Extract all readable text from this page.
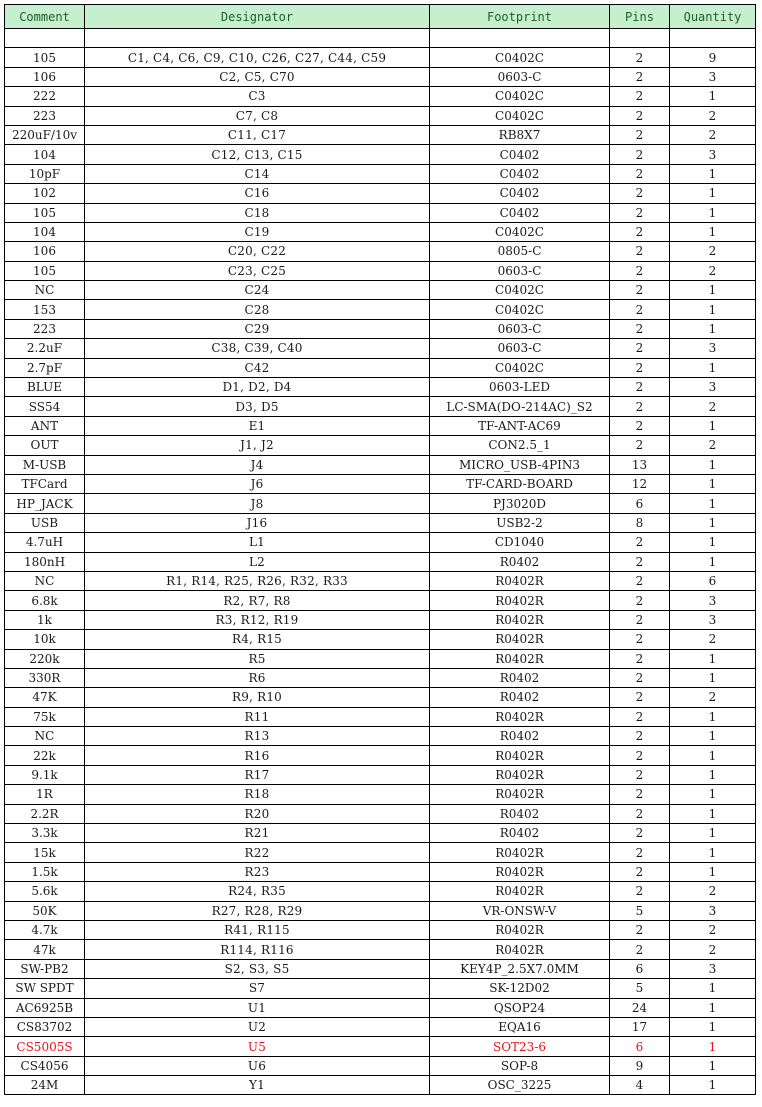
Comment	Designator	Footprint	Pins	Quantity

105	C1, C4, C6, C9, C10, C26, C27, C44, C59	C0402C	2	9
106	C2, C5, C70	0603-C	2	3
222	C3	C0402C	2	1
223	C7, C8	C0402C	2	2
220uF/10v	C11, C17	RB8X7	2	2
104	C12, C13, C15	C0402	2	3
10pF	C14	C0402	2	1
102	C16	C0402	2	1
105	C18	C0402	2	1
104	C19	C0402C	2	1
106	C20, C22	0805-C	2	2
105	C23, C25	0603-C	2	2
NC	C24	C0402C	2	1
153	C28	C0402C	2	1
223	C29	0603-C	2	1
2.2uF	C38, C39, C40	0603-C	2	3
2.7pF	C42	C0402C	2	1
BLUE	D1, D2, D4	0603-LED	2	3
SS54	D3, D5	LC-SMA(DO-214AC)_S2	2	2
ANT	E1	TF-ANT-AC69	2	1
OUT	J1, J2	CON2.5_1	2	2
M-USB	J4	MICRO_USB-4PIN3	13	1
TFCard	J6	TF-CARD-BOARD	12	1
HP_JACK	J8	PJ3020D	6	1
USB	J16	USB2-2	8	1
4.7uH	L1	CD1040	2	1
180nH	L2	R0402	2	1
NC	R1, R14, R25, R26, R32, R33	R0402R	2	6
6.8k	R2, R7, R8	R0402R	2	3
1k	R3, R12, R19	R0402R	2	3
10k	R4, R15	R0402R	2	2
220k	R5	R0402R	2	1
330R	R6	R0402	2	1
47K	R9, R10	R0402	2	2
75k	R11	R0402R	2	1
NC	R13	R0402	2	1
22k	R16	R0402R	2	1
9.1k	R17	R0402R	2	1
1R	R18	R0402R	2	1
2.2R	R20	R0402	2	1
3.3k	R21	R0402	2	1
15k	R22	R0402R	2	1
1.5k	R23	R0402R	2	1
5.6k	R24, R35	R0402R	2	2
50K	R27, R28, R29	VR-ONSW-V	5	3
4.7k	R41, R115	R0402R	2	2
47k	R114, R116	R0402R	2	2
SW-PB2	S2, S3, S5	KEY4P_2.5X7.0MM	6	3
SW SPDT	S7	SK-12D02	5	1
AC6925B	U1	QSOP24	24	1
CS83702	U2	EQA16	17	1
CS5005S	U5	SOT23-6	6	1
CS4056	U6	SOP-8	9	1
24M	Y1	OSC_3225	4	1
